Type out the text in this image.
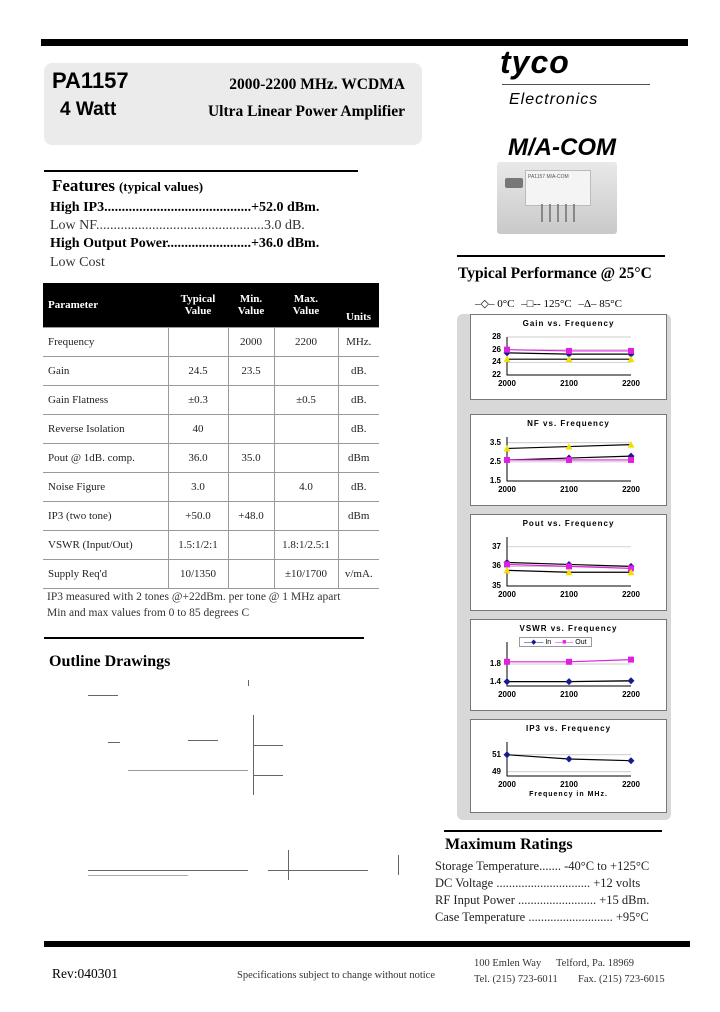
PA1157
4 Watt
2000-2200 MHz. WCDMA
Ultra Linear Power Amplifier
tyco
Electronics
M/A-COM
PA1157 M/A-COM
Features (typical values)
High IP3..........................................+52.0 dBm.
Low NF................................................3.0 dB.
High Output Power........................+36.0 dBm.
Low Cost
Parameter	Typical Value	Min. Value	Max. Value	Units
Frequency		2000	2200	MHz.
Gain	24.5	23.5		dB.
Gain Flatness	±0.3		±0.5	dB.
Reverse Isolation	40			dB.
Pout @ 1dB. comp.	36.0	35.0		dBm
Noise Figure	3.0		4.0	dB.
IP3 (two tone)	+50.0	+48.0		dBm
VSWR (Input/Out)	1.5:1/2:1		1.8:1/2.5:1	
Supply Req'd	10/1350		±10/1700	v/mA.
IP3 measured with 2 tones @+22dBm. per tone @ 1 MHz apart
Min and max values from 0 to 85 degrees C
Outline Drawings
Typical Performance @ 25°C
–◇– 0°C –□-- 125°C –Δ– 85°C
Gain vs. Frequency
22
24
26
28
2000	2100	2200
NF vs. Frequency
1.5
2.5
3.5
2000	2100	2200
Pout vs. Frequency
35
36
37
2000	2100	2200
VSWR vs. Frequency
—◆— In —■— Out
1.4
1.8
2000	2100	2200
IP3 vs. Frequency
49
51
2000	2100	2200
Frequency in MHz.
Maximum Ratings
Storage Temperature....... -40°C to +125°C
DC Voltage .............................. +12 volts
RF Input Power ......................... +15 dBm.
Case Temperature ........................... +95°C
Rev:040301	Specifications subject to change without notice
100 Emlen Way Telford, Pa. 18969
Tel. (215) 723-6011 Fax. (215) 723-6015
